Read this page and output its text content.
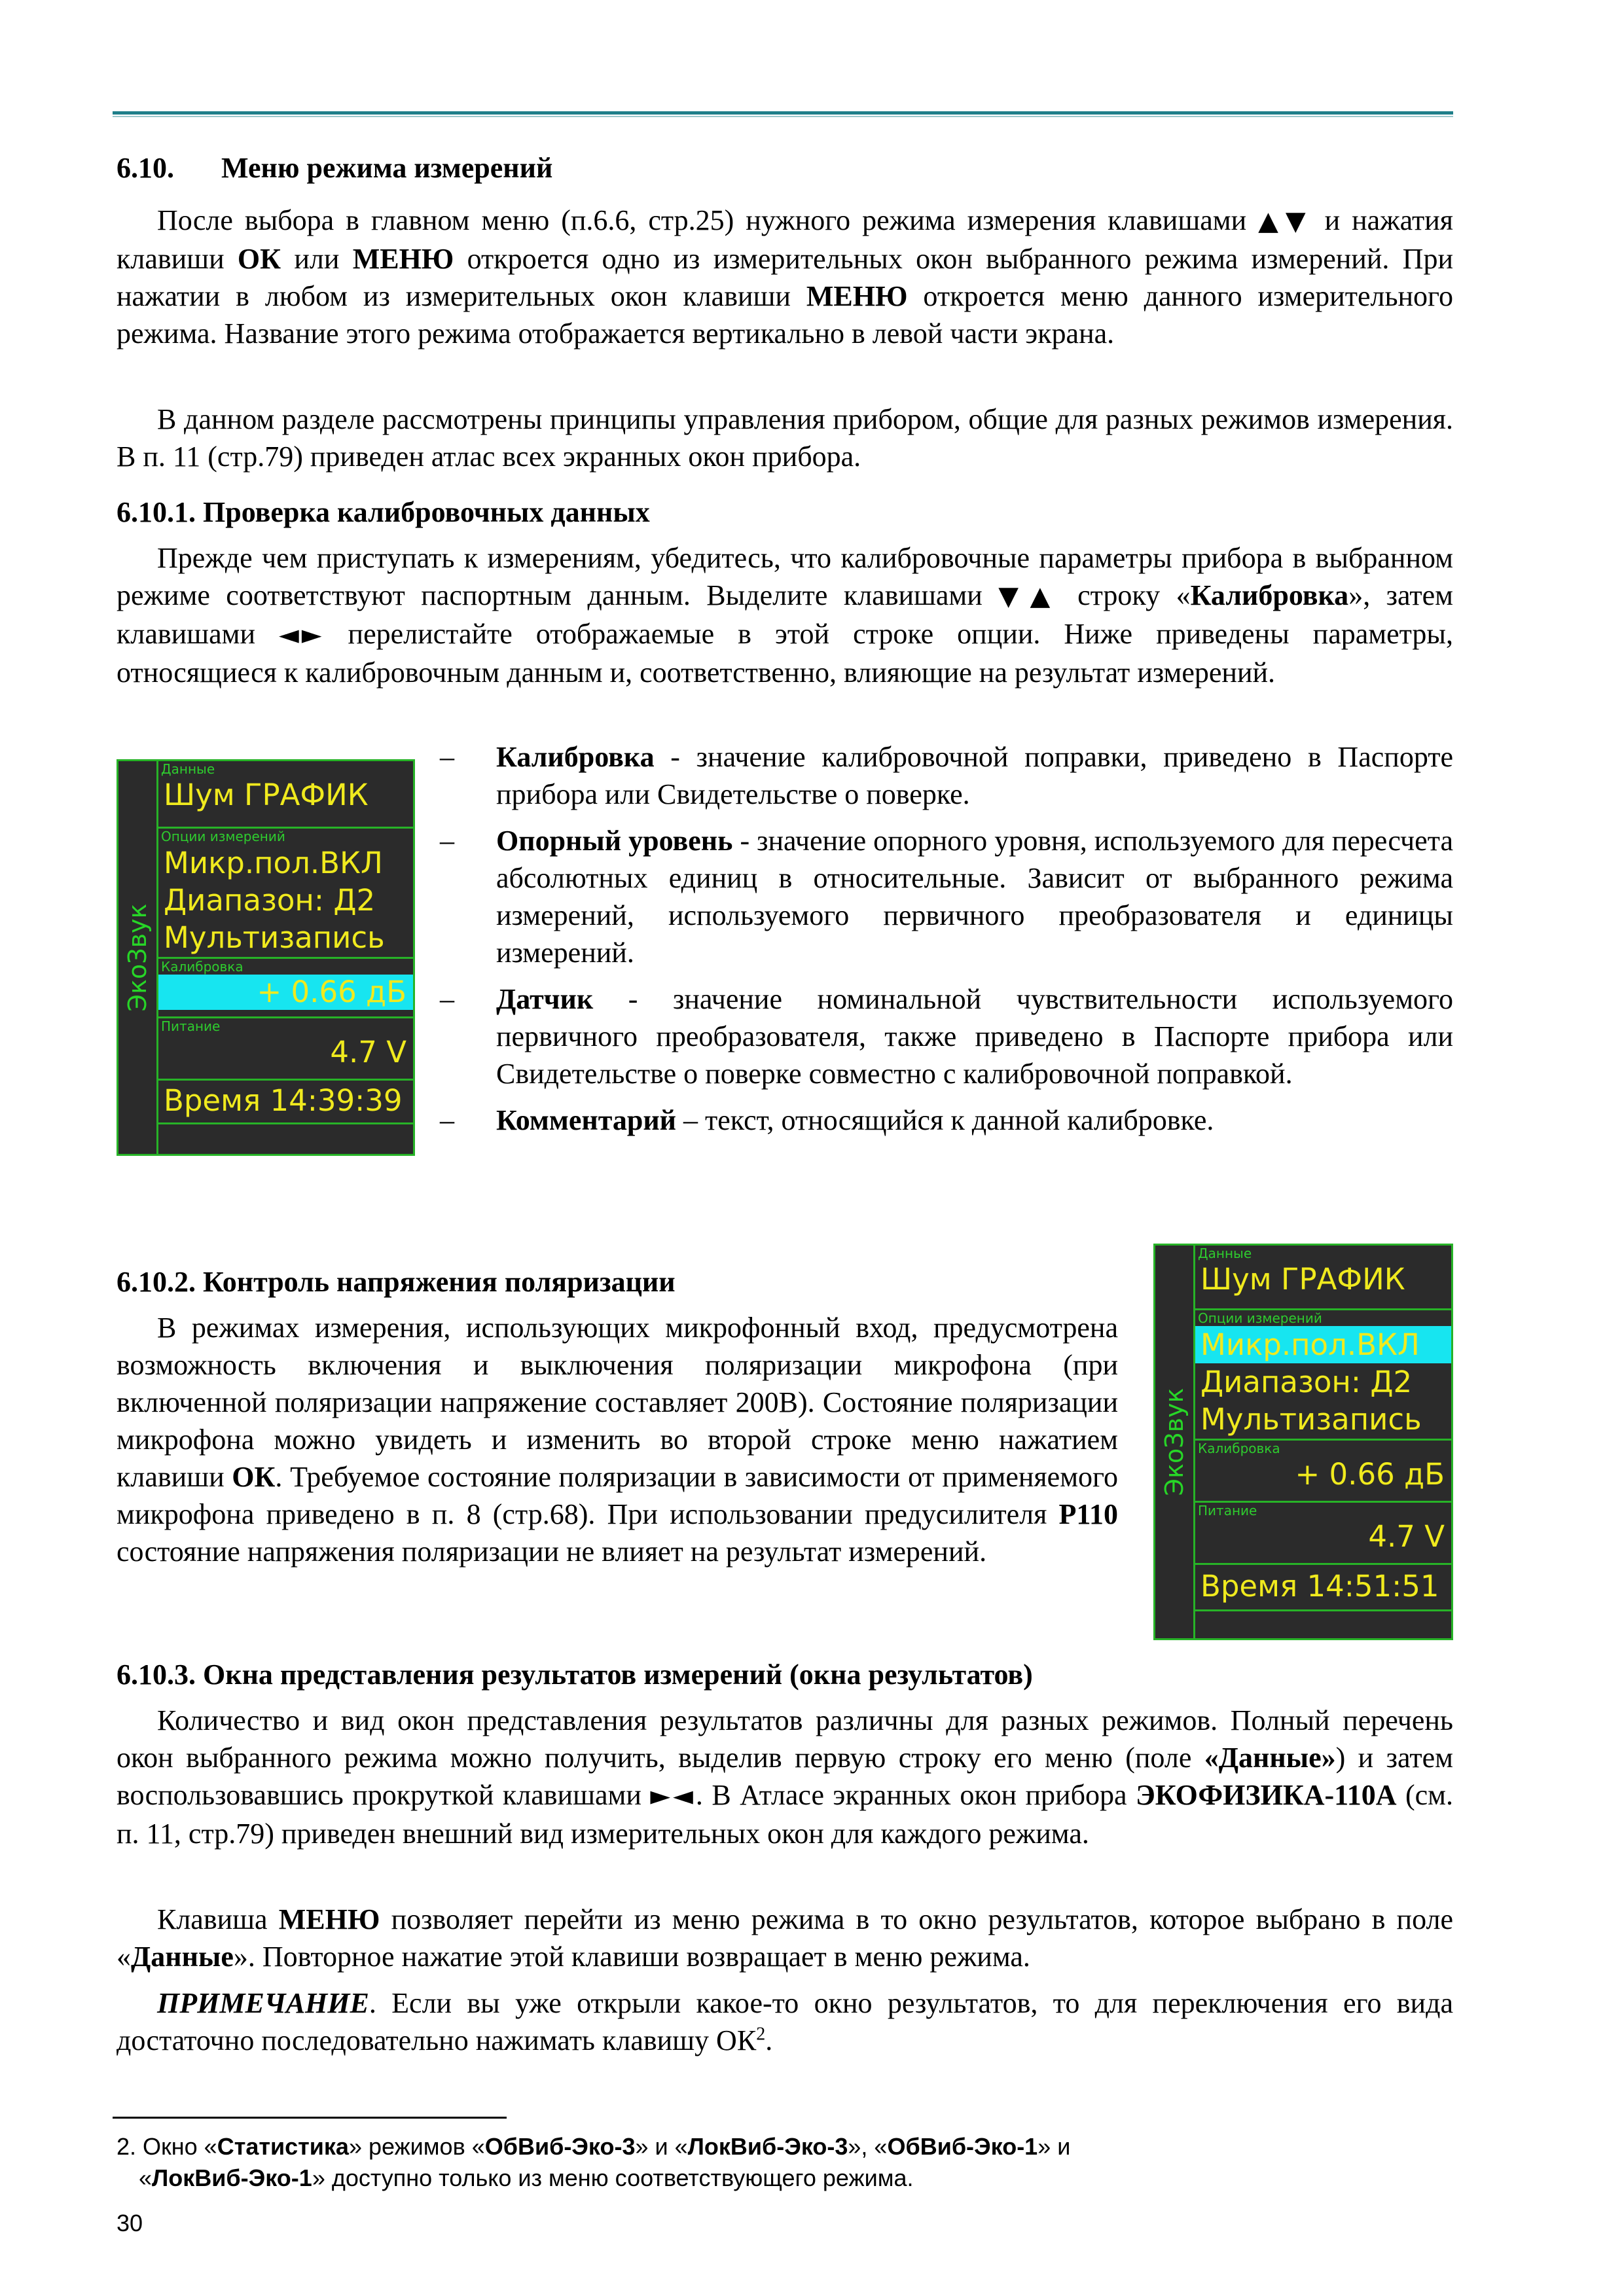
6.10. Меню режима измерений

После выбора в главном меню (п.6.6, стр.25) нужного режима измерения клавишами ▲▼ и нажатия клавиши ОК или МЕНЮ откроется одно из измерительных окон выбранного режима измерений. При нажатии в любом из измерительных окон клавиши МЕНЮ откроется меню данного измерительного режима. Название этого режима отображается вертикально в левой части экрана.

В данном разделе рассмотрены принципы управления прибором, общие для разных режимов измерения. В п. 11 (стр.79) приведен атлас всех экранных окон прибора.

6.10.1. Проверка калибровочных данных

Прежде чем приступать к измерениям, убедитесь, что калибровочные параметры прибора в выбранном режиме соответствуют паспортным данным. Выделите клавишами ▼▲ строку «Калибровка», затем клавишами ◄► перелистайте отображаемые в этой строке опции. Ниже приведены параметры, относящиеся к калибровочным данным и, соответственно, влияющие на результат измерений.

ЭкоЗвук
Данные
Шум ГРАФИК
Опции измерений
Микр.пол.ВКЛ
Диапазон: Д2
Мультизапись
Калибровка
+ 0.66 дБ
Питание
4.7 V
Время 14:39:39
– Калибровка - значение калибровочной поправки, приведено в Паспорте прибора или Свидетельстве о поверке.
– Опорный уровень - значение опорного уровня, используемого для пересчета абсолютных единиц в относительные. Зависит от выбранного режима измерений, используемого первичного преобразователя и единицы измерений.
– Датчик - значение номинальной чувствительности используемого первичного преобразователя, также приведено в Паспорте прибора или Свидетельстве о поверке совместно с калибровочной поправкой.
– Комментарий – текст, относящийся к данной калибровке.
6.10.2. Контроль напряжения поляризации

В режимах измерения, использующих микрофонный вход, предусмотрена возможность включения и выключения поляризации микрофона (при включенной поляризации напряжение составляет 200В). Состояние поляризации микрофона можно увидеть и изменить во второй строке меню нажатием клавиши ОК. Требуемое состояние поляризации в зависимости от применяемого микрофона приведено в п. 8 (стр.68). При использовании предусилителя Р110 состояние напряжения поляризации не влияет на результат измерений.

ЭкоЗвук
Данные
Шум ГРАФИК
Опции измерений
Микр.пол.ВКЛ
Диапазон: Д2
Мультизапись
Калибровка
+ 0.66 дБ
Питание
4.7 V
Время 14:51:51
6.10.3. Окна представления результатов измерений (окна результатов)

Количество и вид окон представления результатов различны для разных режимов. Полный перечень окон выбранного режима можно получить, выделив первую строку его меню (поле «Данные») и затем воспользовавшись прокруткой клавишами ►◄. В Атласе экранных окон прибора ЭКОФИЗИКА-110А (см. п. 11, стр.79) приведен внешний вид измерительных окон для каждого режима.

Клавиша МЕНЮ позволяет перейти из меню режима в то окно результатов, которое выбрано в поле «Данные». Повторное нажатие этой клавиши возвращает в меню режима.

ПРИМЕЧАНИЕ. Если вы уже открыли какое-то окно результатов, то для переключения его вида достаточно последовательно нажимать клавишу $ОК^2$.

2. Окно «Статистика» режимов «ОбВиб-Эко-3» и «ЛокВиб-Эко-3», «ОбВиб-Эко-1» и
«ЛокВиб-Эко-1» доступно только из меню соответствующего режима.
30
